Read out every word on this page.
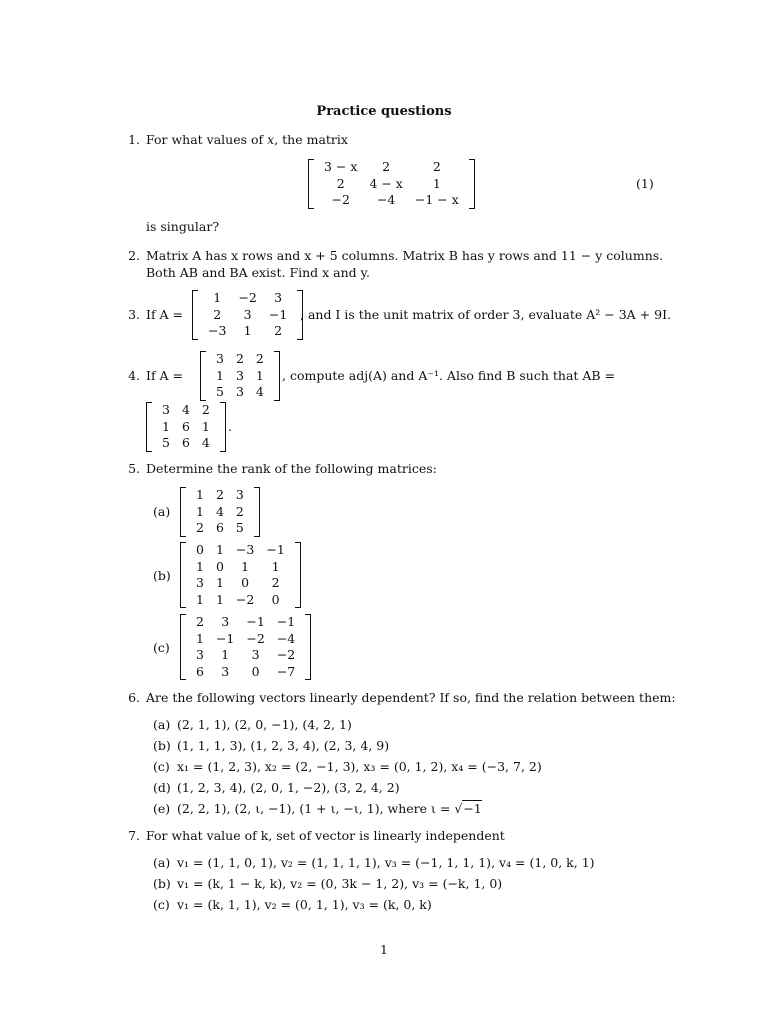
Practice questions
1. For what values of x, the matrix
3 − x	2	2
2	4 − x	1
−2	−4	−1 − x
(1)
is singular?
2. Matrix A has x rows and x + 5 columns. Matrix B has y rows and 11 − y columns.
Both AB and BA exist. Find x and y.
3. If A =
1	−2	3
2	3	−1
−3	1	2
, and I is the unit matrix of order 3, evaluate A² − 3A + 9I.
4. If A =
3	2	2
1	3	1
5	3	4
, compute adj(A) and A⁻¹. Also find B such that AB =
3	4	2
1	6	1
5	6	4
.
5. Determine the rank of the following matrices:
(a)
1	2	3
1	4	2
2	6	5
(b)
0	1	−3	−1
1	0	1	1
3	1	0	2
1	1	−2	0
(c)
2	3	−1	−1
1	−1	−2	−4
3	1	3	−2
6	3	0	−7
6. Are the following vectors linearly dependent? If so, find the relation between them:
(a) (2, 1, 1), (2, 0, −1), (4, 2, 1)
(b) (1, 1, 1, 3), (1, 2, 3, 4), (2, 3, 4, 9)
(c) x₁ = (1, 2, 3), x₂ = (2, −1, 3), x₃ = (0, 1, 2), x₄ = (−3, 7, 2)
(d) (1, 2, 3, 4), (2, 0, 1, −2), (3, 2, 4, 2)
(e) (2, 2, 1), (2, ι, −1), (1 + ι, −ι, 1), where ι = √−1
7. For what value of k, set of vector is linearly independent
(a) v₁ = (1, 1, 0, 1), v₂ = (1, 1, 1, 1), v₃ = (−1, 1, 1, 1), v₄ = (1, 0, k, 1)
(b) v₁ = (k, 1 − k, k), v₂ = (0, 3k − 1, 2), v₃ = (−k, 1, 0)
(c) v₁ = (k, 1, 1), v₂ = (0, 1, 1), v₃ = (k, 0, k)
1
